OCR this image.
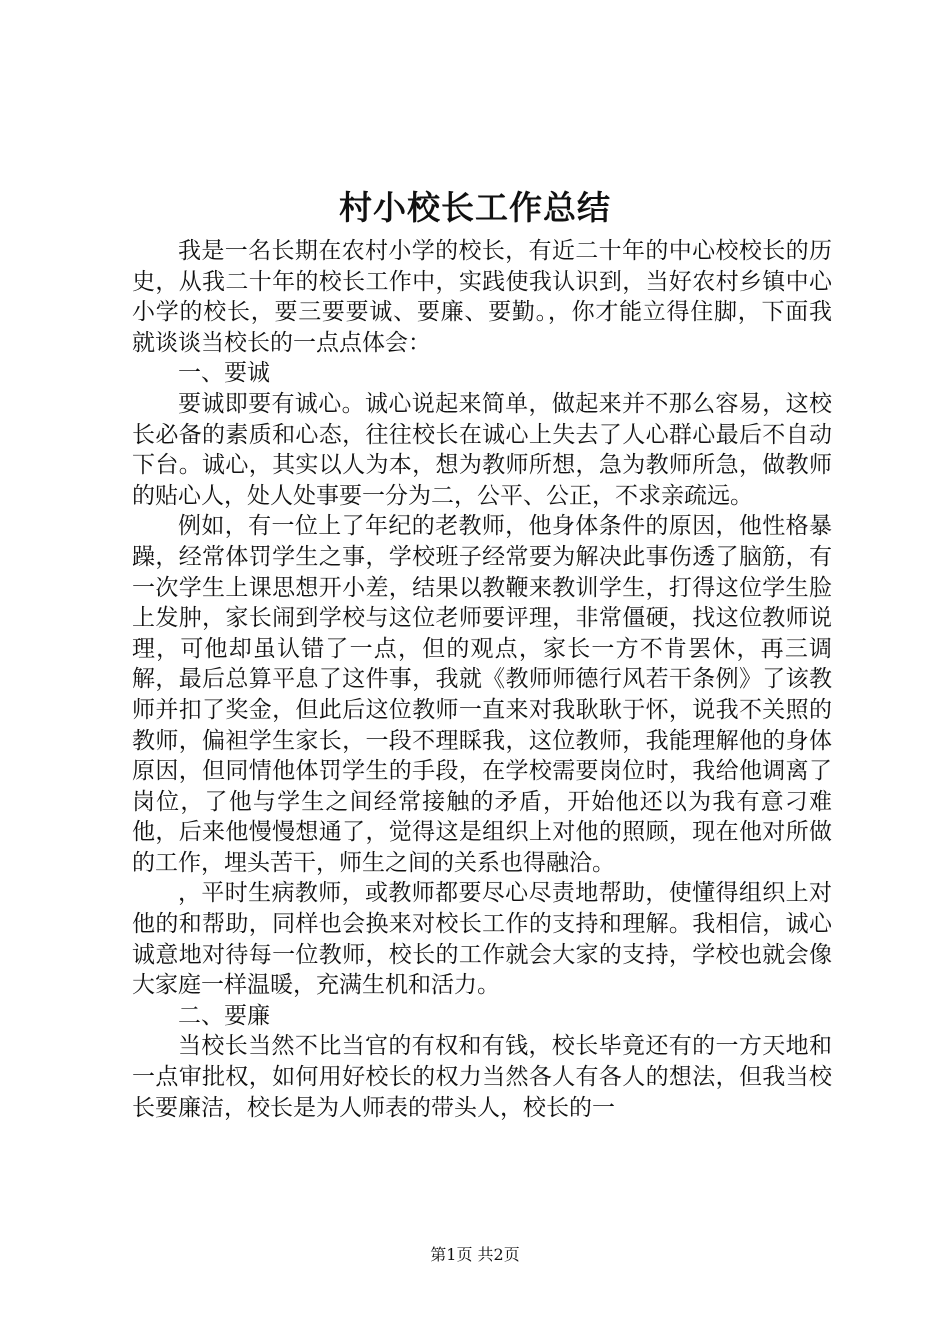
村小校长工作总结

我是一名长期在农村小学的校长，有近二十年的中心校校长的历史，从我二十年的校长工作中，实践使我认识到，当好农村乡镇中心小学的校长，要三要要诚、要廉、要勤。，你才能立得住脚，下面我就谈谈当校长的一点点体会：

一、要诚

要诚即要有诚心。诚心说起来简单，做起来并不那么容易，这校长必备的素质和心态，往往校长在诚心上失去了人心群心最后不自动下台。诚心，其实以人为本，想为教师所想，急为教师所急，做教师的贴心人，处人处事要一分为二，公平、公正，不求亲疏远。

例如，有一位上了年纪的老教师，他身体条件的原因，他性格暴躁，经常体罚学生之事，学校班子经常要为解决此事伤透了脑筋，有一次学生上课思想开小差，结果以教鞭来教训学生，打得这位学生脸上发肿，家长闹到学校与这位老师要评理，非常僵硬，找这位教师说理，可他却虽认错了一点，但的观点，家长一方不肯罢休，再三调解，最后总算平息了这件事，我就《教师师德行风若干条例》了该教师并扣了奖金，但此后这位教师一直来对我耿耿于怀，说我不关照的教师，偏袒学生家长，一段不理睬我，这位教师，我能理解他的身体原因，但同情他体罚学生的手段，在学校需要岗位时，我给他调离了岗位，了他与学生之间经常接触的矛盾，开始他还以为我有意刁难他，后来他慢慢想通了，觉得这是组织上对他的照顾，现在他对所做的工作，埋头苦干，师生之间的关系也得融洽。

，平时生病教师，或教师都要尽心尽责地帮助，使懂得组织上对他的和帮助，同样也会换来对校长工作的支持和理解。我相信，诚心诚意地对待每一位教师，校长的工作就会大家的支持，学校也就会像大家庭一样温暖，充满生机和活力。

二、要廉

当校长当然不比当官的有权和有钱，校长毕竟还有的一方天地和一点审批权，如何用好校长的权力当然各人有各人的想法，但我当校长要廉洁，校长是为人师表的带头人，校长的一

第1页 共2页
